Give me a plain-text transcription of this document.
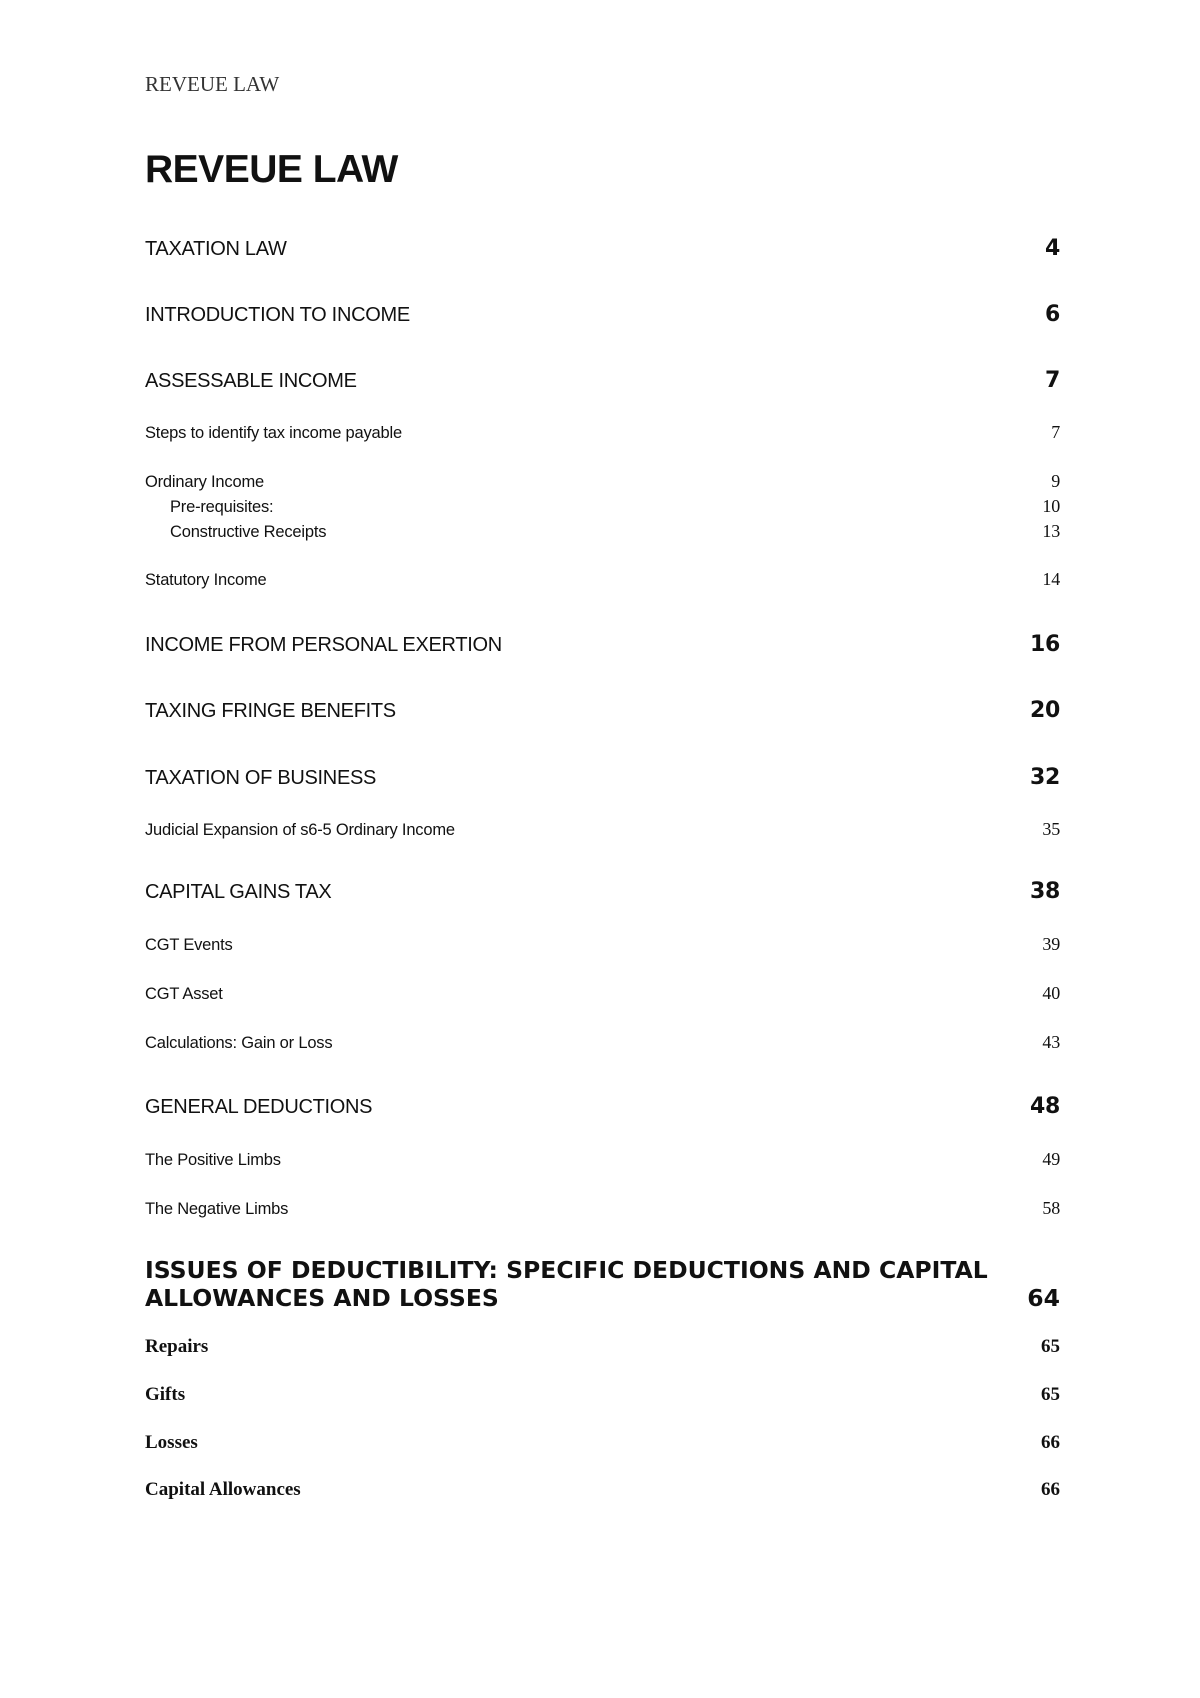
REVEUE LAW
REVEUE LAW
TAXATION LAW	4
INTRODUCTION TO INCOME	6
ASSESSABLE INCOME	7
Steps to identify tax income payable	7
Ordinary Income	9
Pre-requisites:	10
Constructive Receipts	13
Statutory Income	14
INCOME FROM PERSONAL EXERTION	16
TAXING FRINGE BENEFITS	20
TAXATION OF BUSINESS	32
Judicial Expansion of s6-5 Ordinary Income	35
CAPITAL GAINS TAX	38
CGT Events	39
CGT Asset	40
Calculations: Gain or Loss	43
GENERAL DEDUCTIONS	48
The Positive Limbs	49
The Negative Limbs	58
ISSUES OF DEDUCTIBILITY: SPECIFIC DEDUCTIONS AND CAPITAL
ALLOWANCES AND LOSSES	64
Repairs	65
Gifts	65
Losses	66
Capital Allowances	66
